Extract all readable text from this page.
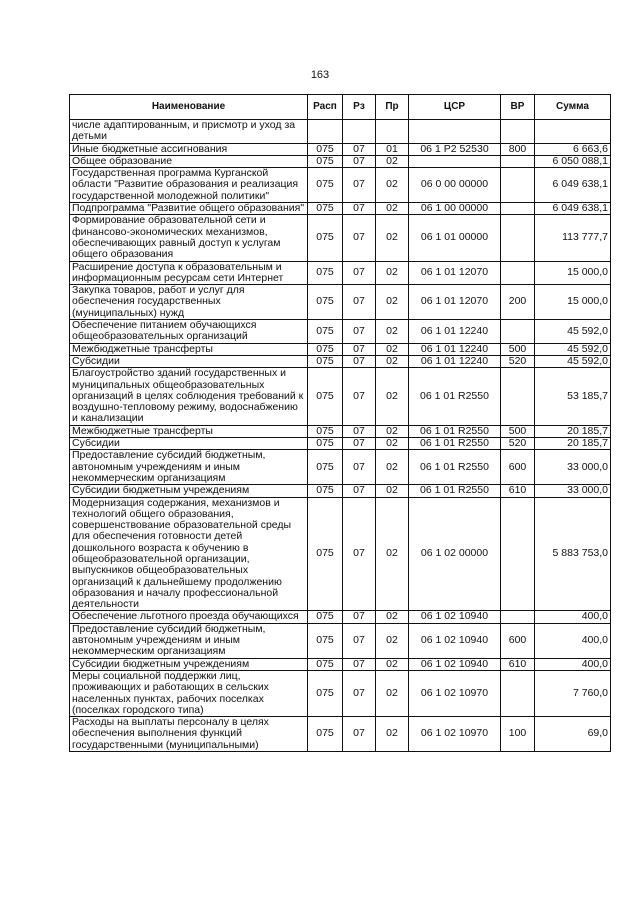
163
Наименование	Расп	Рз	Пр	ЦСР	ВР	Сумма
числе адаптированным, и присмотр и уход за детьми						
Иные бюджетные ассигнования	075	07	01	06 1 Р2 52530	800	6 663,6
Общее образование	075	07	02			6 050 088,1
Государственная программа Курганской области "Развитие образования и реализация государственной молодежной политики"	075	07	02	06 0 00 00000		6 049 638,1
Подпрограмма "Развитие общего образования"	075	07	02	06 1 00 00000		6 049 638,1
Формирование образовательной сети и финансово-экономических механизмов, обеспечивающих равный доступ к услугам общего образования	075	07	02	06 1 01 00000		113 777,7
Расширение доступа к образовательным и информационным ресурсам сети Интернет	075	07	02	06 1 01 12070		15 000,0
Закупка товаров, работ и услуг для обеспечения государственных (муниципальных) нужд	075	07	02	06 1 01 12070	200	15 000,0
Обеспечение питанием обучающихся общеобразовательных организаций	075	07	02	06 1 01 12240		45 592,0
Межбюджетные трансферты	075	07	02	06 1 01 12240	500	45 592,0
Субсидии	075	07	02	06 1 01 12240	520	45 592,0
Благоустройство зданий государственных и муниципальных общеобразовательных организаций в целях соблюдения требований к воздушно-тепловому режиму, водоснабжению и канализации	075	07	02	06 1 01 R2550		53 185,7
Межбюджетные трансферты	075	07	02	06 1 01 R2550	500	20 185,7
Субсидии	075	07	02	06 1 01 R2550	520	20 185,7
Предоставление субсидий бюджетным, автономным учреждениям и иным некоммерческим организациям	075	07	02	06 1 01 R2550	600	33 000,0
Субсидии бюджетным учреждениям	075	07	02	06 1 01 R2550	610	33 000,0
Модернизация содержания, механизмов и технологий общего образования, совершенствование образовательной среды для обеспечения готовности детей дошкольного возраста к обучению в общеобразовательной организации, выпускников общеобразовательных организаций к дальнейшему продолжению образования и началу профессиональной деятельности	075	07	02	06 1 02 00000		5 883 753,0
Обеспечение льготного проезда обучающихся	075	07	02	06 1 02 10940		400,0
Предоставление субсидий бюджетным, автономным учреждениям и иным некоммерческим организациям	075	07	02	06 1 02 10940	600	400,0
Субсидии бюджетным учреждениям	075	07	02	06 1 02 10940	610	400,0
Меры социальной поддержки лиц, проживающих и работающих в сельских населенных пунктах, рабочих поселках (поселках городского типа)	075	07	02	06 1 02 10970		7 760,0
Расходы на выплаты персоналу в целях обеспечения выполнения функций государственными (муниципальными)	075	07	02	06 1 02 10970	100	69,0
